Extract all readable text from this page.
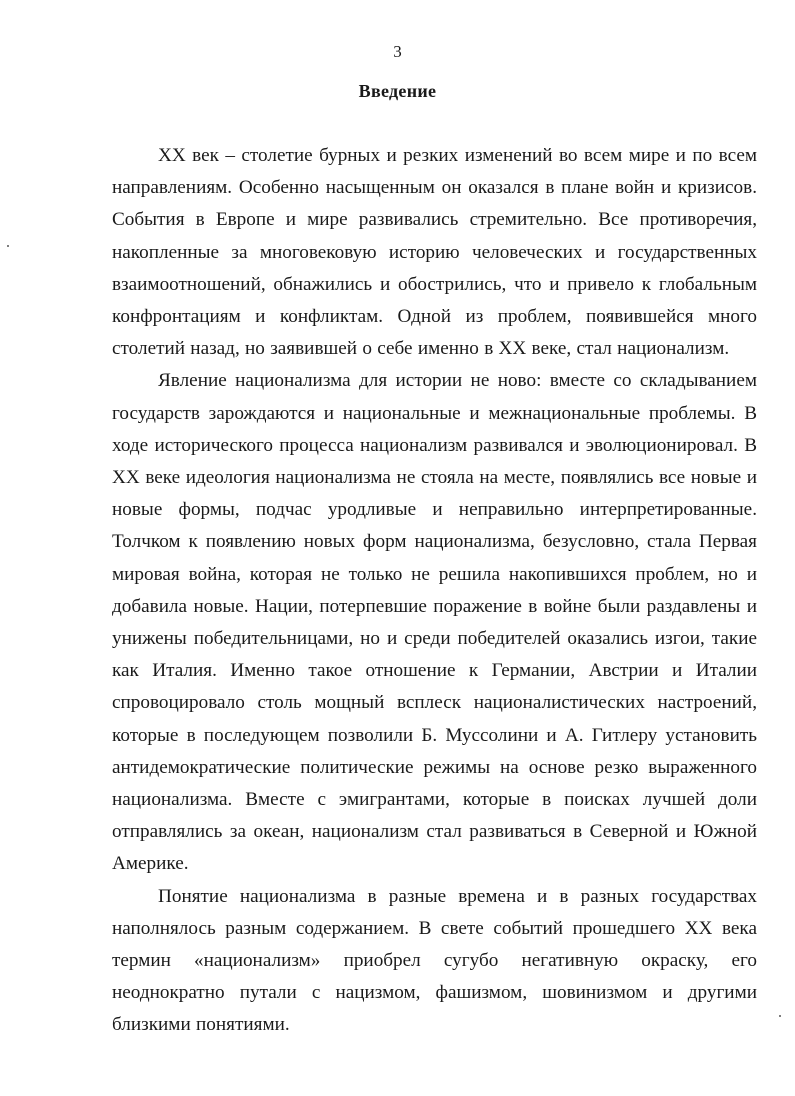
3
Введение

XX век – столетие бурных и резких изменений во всем мире и по всем направлениям. Особенно насыщенным он оказался в плане войн и кризисов. События в Европе и мире развивались стремительно. Все противоречия, накопленные за многовековую историю человеческих и государственных взаимоотношений, обнажились и обострились, что и привело к глобальным конфронтациям и конфликтам. Одной из проблем, появившейся много столетий назад, но заявившей о себе именно в XX веке, стал национализм.

Явление национализма для истории не ново: вместе со складыванием государств зарождаются и национальные и межнациональные проблемы. В ходе исторического процесса национализм развивался и эволюционировал. В XX веке идеология национализма не стояла на месте, появлялись все новые и новые формы, подчас уродливые и неправильно интерпретированные. Толчком к появлению новых форм национализма, безусловно, стала Первая мировая война, которая не только не решила накопившихся проблем, но и добавила новые. Нации, потерпевшие поражение в войне были раздавлены и унижены победительницами, но и среди победителей оказались изгои, такие как Италия. Именно такое отношение к Германии, Австрии и Италии спровоцировало столь мощный всплеск националистических настроений, которые в последующем позволили Б. Муссолини и А. Гитлеру установить антидемократические политические режимы на основе резко выраженного национализма. Вместе с эмигрантами, которые в поисках лучшей доли отправлялись за океан, национализм стал развиваться в Северной и Южной Америке.

Понятие национализма в разные времена и в разных государствах наполнялось разным содержанием. В свете событий прошедшего XX века термин «национализм» приобрел сугубо негативную окраску, его неоднократно путали с нацизмом, фашизмом, шовинизмом и другими близкими понятиями.
